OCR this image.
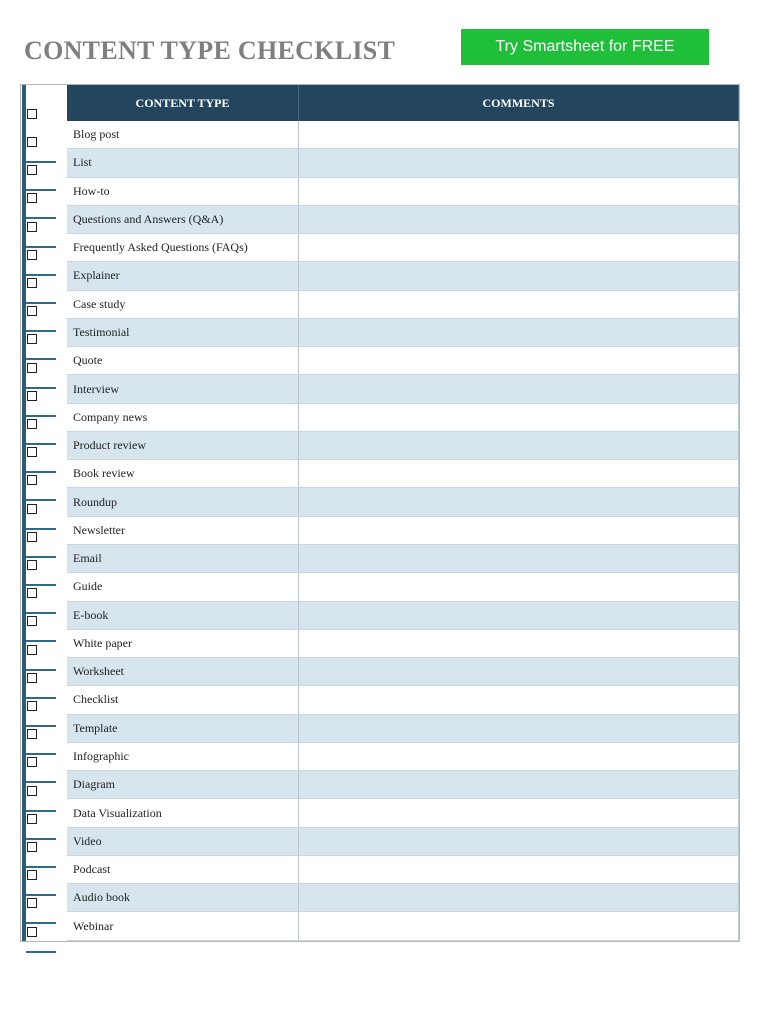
CONTENT TYPE CHECKLIST	Try Smartsheet for FREE
CONTENT TYPE	COMMENTS
Blog post	
List	
How-to	
Questions and Answers (Q&A)	
Frequently Asked Questions (FAQs)	
Explainer	
Case study	
Testimonial	
Quote	
Interview	
Company news	
Product review	
Book review	
Roundup	
Newsletter	
Email	
Guide	
E-book	
White paper	
Worksheet	
Checklist	
Template	
Infographic	
Diagram	
Data Visualization	
Video	
Podcast	
Audio book	
Webinar	
